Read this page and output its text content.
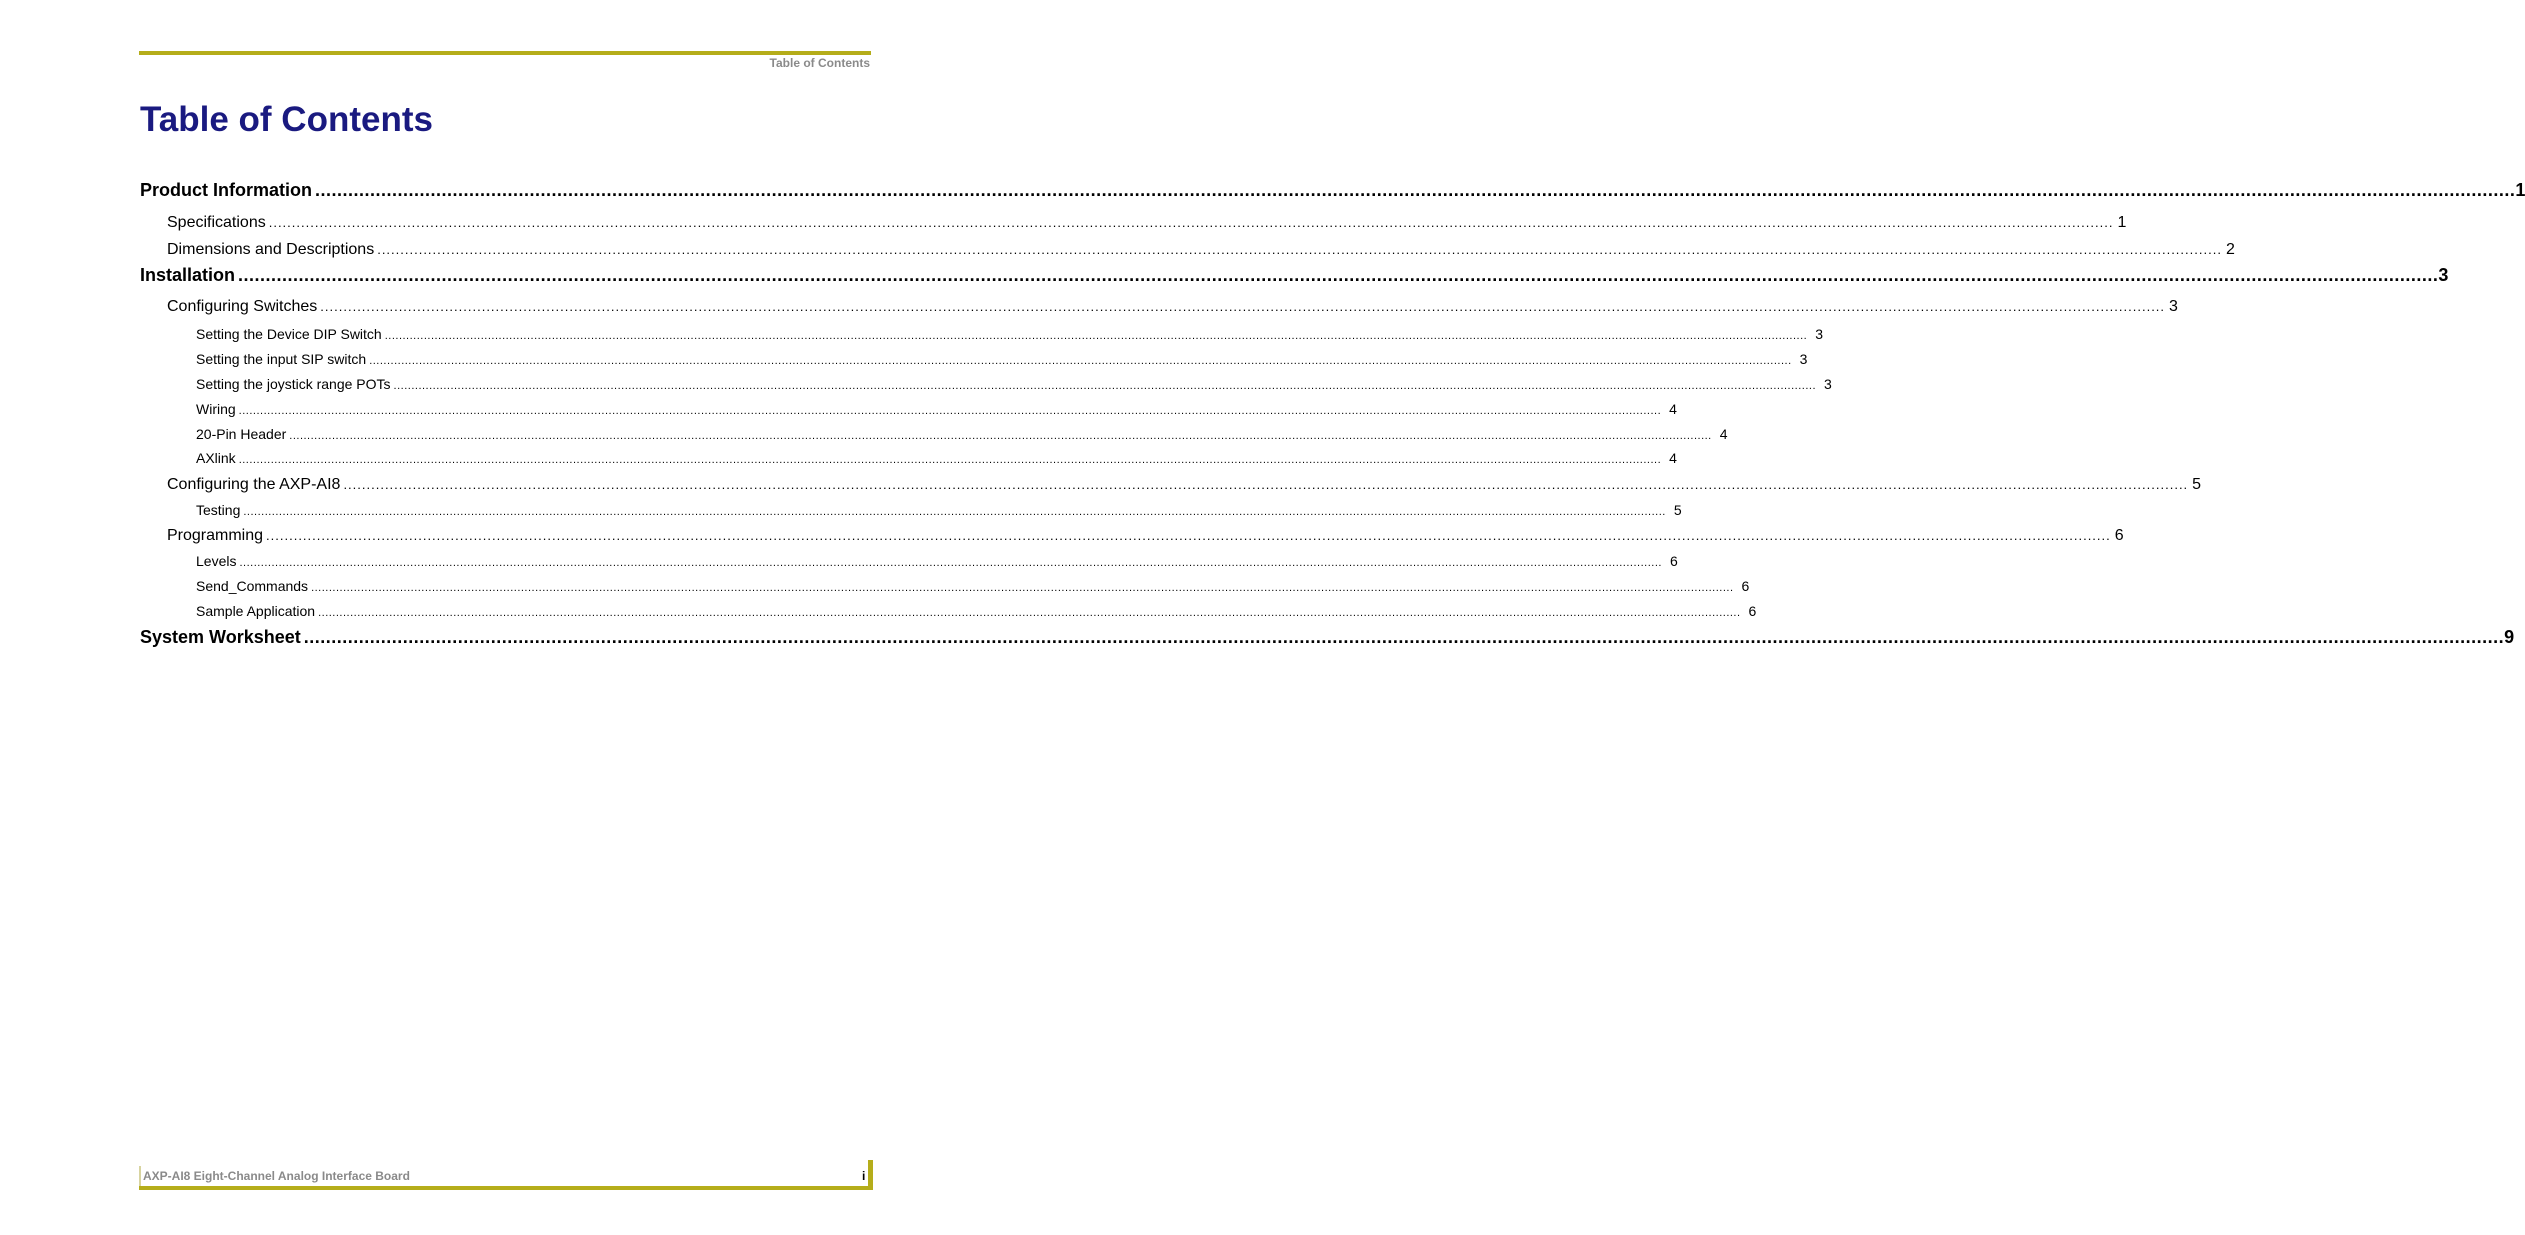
Table of Contents
Table of Contents
Product Information ................................................................................................................................................................................................................................................................................................................................................................................................................ 1
Specifications ................................................................................................................................................................................................................................................................................................................................................................................................................ 1
Dimensions and Descriptions ................................................................................................................................................................................................................................................................................................................................................................................................................ 2
Installation ................................................................................................................................................................................................................................................................................................................................................................................................................ 3
Configuring Switches ................................................................................................................................................................................................................................................................................................................................................................................................................ 3
Setting the Device DIP Switch ................................................................................................................................................................................................................................................................................................................................................................................................................ 3
Setting the input SIP switch ................................................................................................................................................................................................................................................................................................................................................................................................................ 3
Setting the joystick range POTs ................................................................................................................................................................................................................................................................................................................................................................................................................ 3
Wiring ................................................................................................................................................................................................................................................................................................................................................................................................................ 4
20-Pin Header ................................................................................................................................................................................................................................................................................................................................................................................................................ 4
AXlink ................................................................................................................................................................................................................................................................................................................................................................................................................ 4
Configuring the AXP-AI8 ................................................................................................................................................................................................................................................................................................................................................................................................................ 5
Testing ................................................................................................................................................................................................................................................................................................................................................................................................................ 5
Programming ................................................................................................................................................................................................................................................................................................................................................................................................................ 6
Levels ................................................................................................................................................................................................................................................................................................................................................................................................................ 6
Send_Commands ................................................................................................................................................................................................................................................................................................................................................................................................................ 6
Sample Application ................................................................................................................................................................................................................................................................................................................................................................................................................ 6
System Worksheet ................................................................................................................................................................................................................................................................................................................................................................................................................ 9
AXP-AI8 Eight-Channel Analog Interface Board	i
